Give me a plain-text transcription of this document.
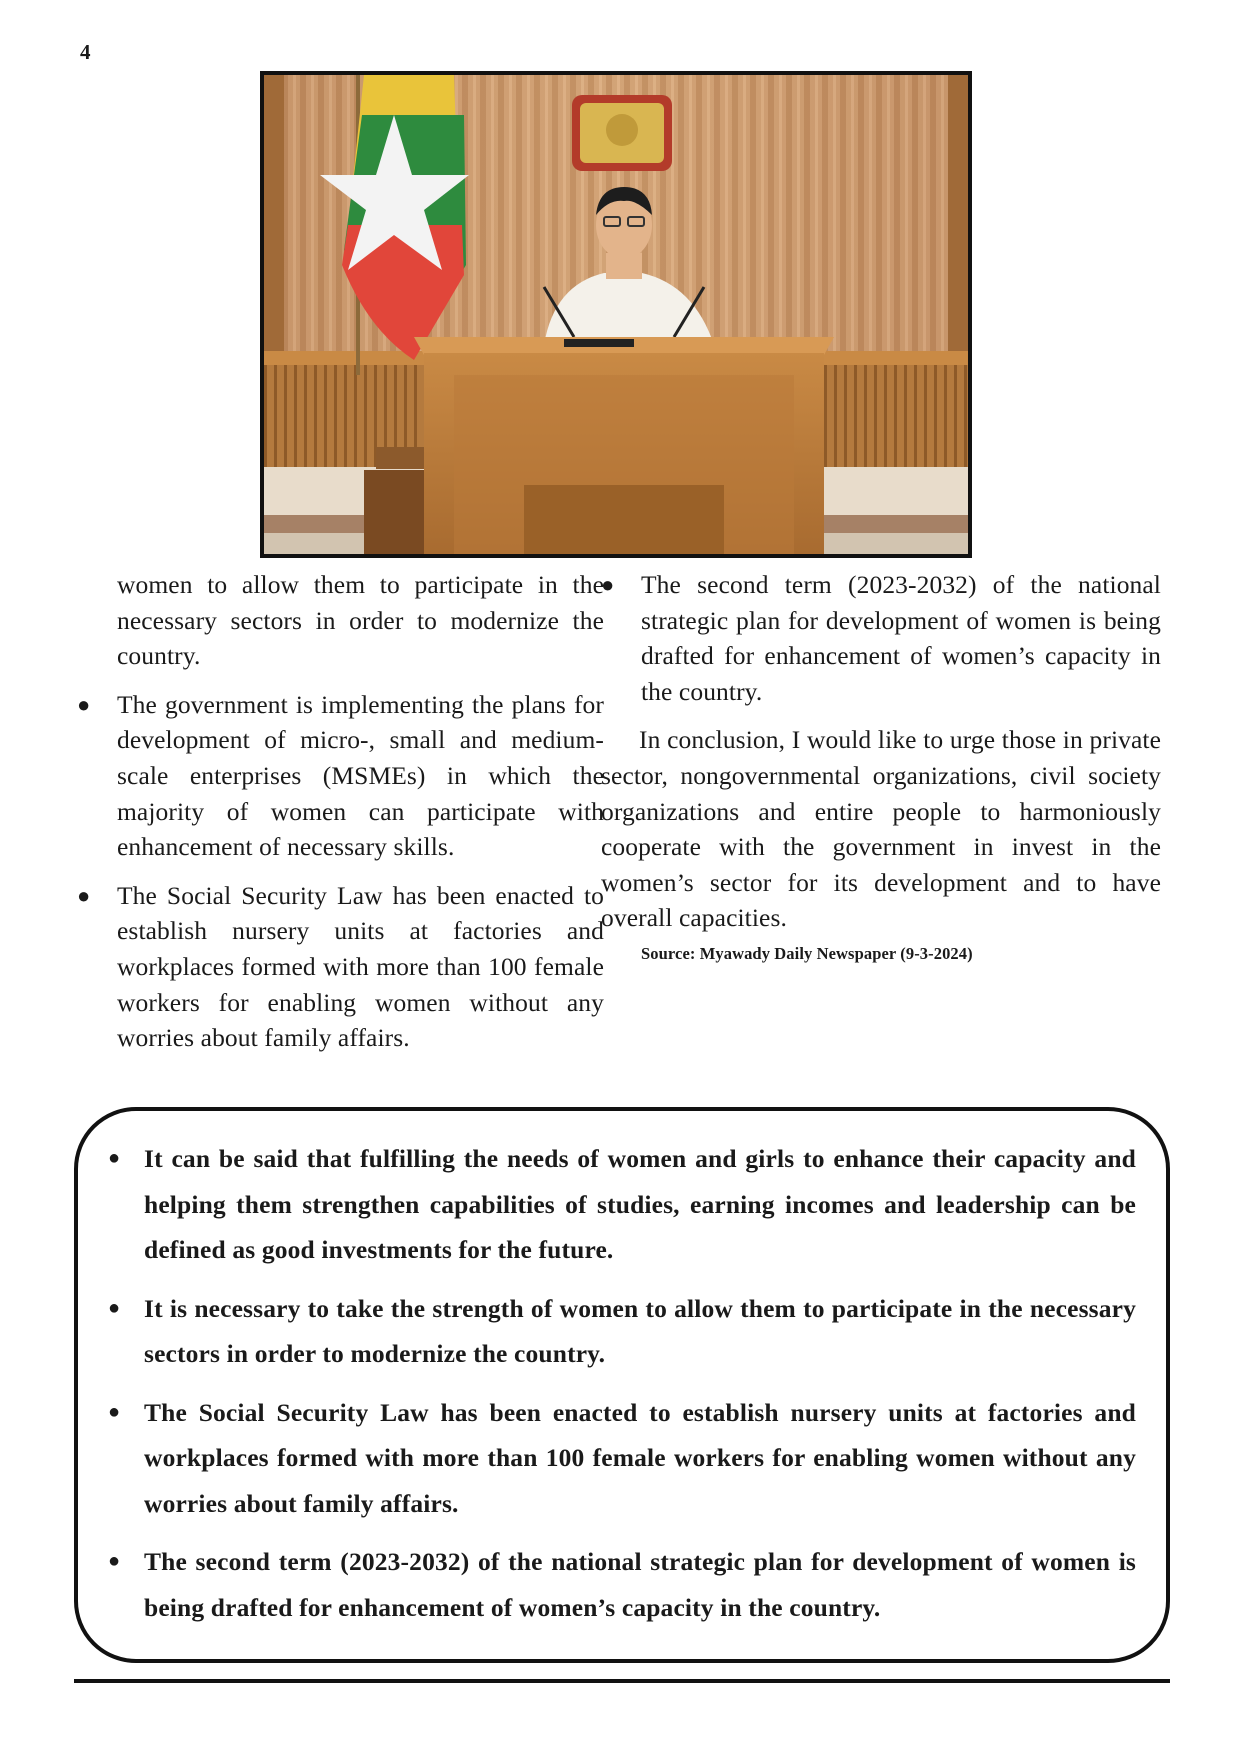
4

women to allow them to participate in the necessary sectors in order to modernize the country.

●	The government is implementing the plans for development of micro-, small and medium-scale enterprises (MSMEs) in which the majority of women can participate with enhancement of necessary skills.
●	The Social Security Law has been enacted to establish nursery units at factories and workplaces formed with more than 100 female workers for enabling women without any worries about family affairs.
●	The second term (2023-2032) of the national strategic plan for development of women is being drafted for enhancement of women’s capacity in the country.

In conclusion, I would like to urge those in private sector, nongovernmental organizations, civil society organizations and entire people to harmoniously cooperate with the government in invest in the women’s sector for its development and to have overall capacities.

Source: Myawady Daily Newspaper (9-3-2024)

● It can be said that fulfilling the needs of women and girls to enhance their capacity and helping them strengthen capabilities of studies, earning incomes and leadership can be defined as good investments for the future.
● It is necessary to take the strength of women to allow them to participate in the necessary sectors in order to modernize the country.
● The Social Security Law has been enacted to establish nursery units at factories and workplaces formed with more than 100 female workers for enabling women without any worries about family affairs.
● The second term (2023-2032) of the national strategic plan for development of women is being drafted for enhancement of women’s capacity in the country.
